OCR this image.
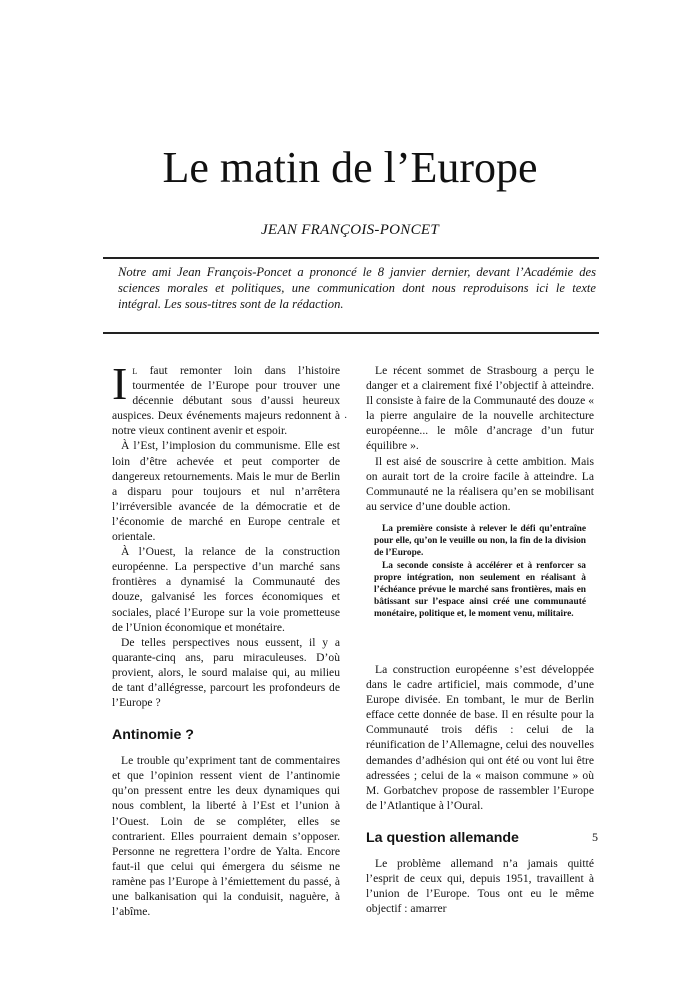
Le matin de l’Europe
JEAN FRANÇOIS-PONCET
Notre ami Jean François-Poncet a prononcé le 8 janvier dernier, devant l’Académie des sciences morales et politiques, une communication dont nous reproduisons ici le texte intégral. Les sous-titres sont de la rédaction.

Il faut remonter loin dans l’histoire tourmentée de l’Europe pour trouver une décennie débutant sous d’aussi heureux auspices. Deux événements majeurs redonnent à notre vieux continent avenir et espoir.

À l’Est, l’implosion du communisme. Elle est loin d’être achevée et peut comporter de dangereux retournements. Mais le mur de Berlin a disparu pour toujours et nul n’arrêtera l’irréversible avancée de la démocratie et de l’économie de marché en Europe centrale et orientale.

À l’Ouest, la relance de la construction européenne. La perspective d’un marché sans frontières a dynamisé la Communauté des douze, galvanisé les forces économiques et sociales, placé l’Europe sur la voie prometteuse de l’Union économique et monétaire.

De telles perspectives nous eussent, il y a quarante-cinq ans, paru miraculeuses. D’où provient, alors, le sourd malaise qui, au milieu de tant d’allégresse, parcourt les profondeurs de l’Europe ?

Antinomie ?

Le trouble qu’expriment tant de commentaires et que l’opinion ressent vient de l’antinomie qu’on pressent entre les deux dynamiques qui nous comblent, la liberté à l’Est et l’union à l’Ouest. Loin de se compléter, elles se contrarient. Elles pourraient demain s’opposer. Personne ne regrettera l’ordre de Yalta. Encore faut-il que celui qui émergera du séisme ne ramène pas l’Europe à l’émiettement du passé, à une balkanisation qui la conduisit, naguère, à l’abîme.

·

Le récent sommet de Strasbourg a perçu le danger et a clairement fixé l’objectif à atteindre. Il consiste à faire de la Communauté des douze « la pierre angulaire de la nouvelle architecture européenne... le môle d’ancrage d’un futur équilibre ».

Il est aisé de souscrire à cette ambition. Mais on aurait tort de la croire facile à atteindre. La Communauté ne la réalisera qu’en se mobilisant au service d’une double action.

La première consiste à relever le défi qu’entraîne pour elle, qu’on le veuille ou non, la fin de la division de l’Europe.

La seconde consiste à accélérer et à renforcer sa propre intégration, non seulement en réalisant à l’échéance prévue le marché sans frontières, mais en bâtissant sur l’espace ainsi créé une communauté monétaire, politique et, le moment venu, militaire.

La construction européenne s’est développée dans le cadre artificiel, mais commode, d’une Europe divisée. En tombant, le mur de Berlin efface cette donnée de base. Il en résulte pour la Communauté trois défis : celui de la réunification de l’Allemagne, celui des nouvelles demandes d’adhésion qui ont été ou vont lui être adressées ; celui de la « maison commune » où M. Gorbatchev propose de rassembler l’Europe de l’Atlantique à l’Oural.

La question allemande

Le problème allemand n’a jamais quitté l’esprit de ceux qui, depuis 1951, travaillent à l’union de l’Europe. Tous ont eu le même objectif : amarrer

5
